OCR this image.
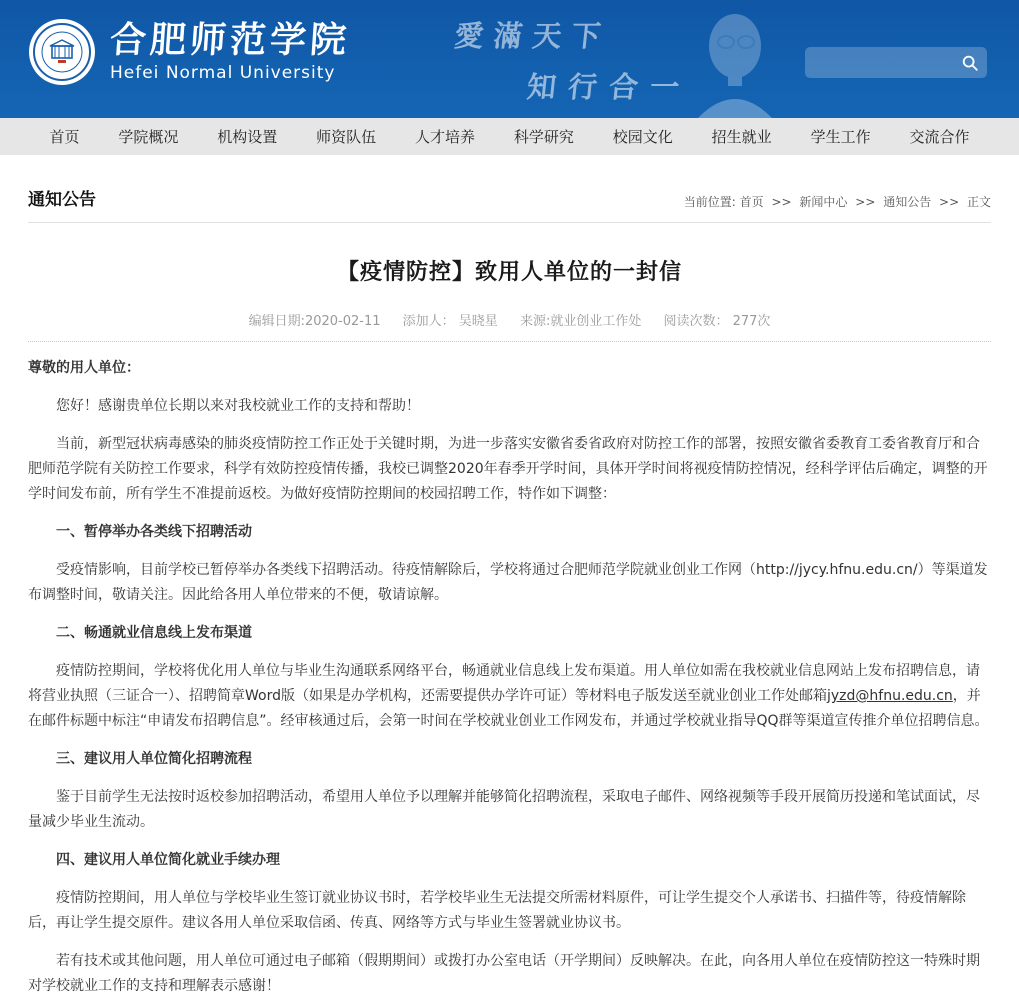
合肥师范学院
Hefei Normal University
愛滿天下
知行合一
首页	学院概况	机构设置	师资队伍	人才培养	科学研究	校园文化	招生就业	学生工作	交流合作
通知公告	当前位置: 首页 >> 新闻中心 >> 通知公告 >> 正文
【疫情防控】致用人单位的一封信
编辑日期:2020-02-11 添加人： 吴晓星 来源:就业创业工作处 阅读次数： 277次

尊敬的用人单位：

您好！感谢贵单位长期以来对我校就业工作的支持和帮助！

当前，新型冠状病毒感染的肺炎疫情防控工作正处于关键时期，为进一步落实安徽省委省政府对防控工作的部署，按照安徽省委教育工委省教育厅和合肥师范学院有关防控工作要求，科学有效防控疫情传播，我校已调整2020年春季开学时间，具体开学时间将视疫情防控情况，经科学评估后确定，调整的开学时间发布前，所有学生不准提前返校。为做好疫情防控期间的校园招聘工作，特作如下调整：

一、暂停举办各类线下招聘活动

受疫情影响，目前学校已暂停举办各类线下招聘活动。待疫情解除后，学校将通过合肥师范学院就业创业工作网（http://jycy.hfnu.edu.cn/）等渠道发布调整时间，敬请关注。因此给各用人单位带来的不便，敬请谅解。

二、畅通就业信息线上发布渠道

疫情防控期间，学校将优化用人单位与毕业生沟通联系网络平台，畅通就业信息线上发布渠道。用人单位如需在我校就业信息网站上发布招聘信息，请将营业执照（三证合一）、招聘简章Word版（如果是办学机构，还需要提供办学许可证）等材料电子版发送至就业创业工作处邮箱jyzd@hfnu.edu.cn，并在邮件标题中标注“申请发布招聘信息”。经审核通过后，会第一时间在学校就业创业工作网发布，并通过学校就业指导QQ群等渠道宣传推介单位招聘信息。

三、建议用人单位简化招聘流程

鉴于目前学生无法按时返校参加招聘活动，希望用人单位予以理解并能够简化招聘流程，采取电子邮件、网络视频等手段开展简历投递和笔试面试，尽量减少毕业生流动。

四、建议用人单位简化就业手续办理

疫情防控期间，用人单位与学校毕业生签订就业协议书时，若学校毕业生无法提交所需材料原件，可让学生提交个人承诺书、扫描件等，待疫情解除后，再让学生提交原件。建议各用人单位采取信函、传真、网络等方式与毕业生签署就业协议书。

若有技术或其他问题，用人单位可通过电子邮箱（假期期间）或拨打办公室电话（开学期间）反映解决。在此，向各用人单位在疫情防控这一特殊时期对学校就业工作的支持和理解表示感谢！
